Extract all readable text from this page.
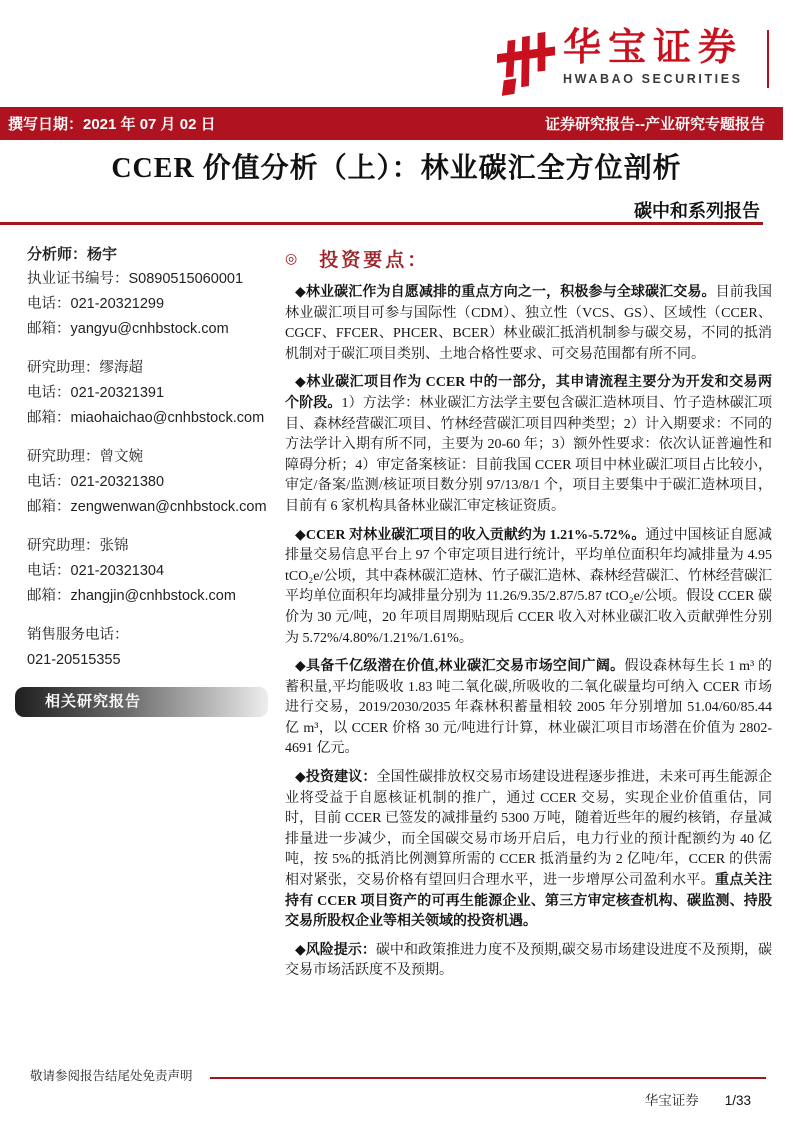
华宝证券
HWABAO SECURITIES
撰写日期：2021 年 07 月 02 日	证券研究报告--产业研究专题报告
CCER 价值分析（上）：林业碳汇全方位剖析
碳中和系列报告
分析师：杨宇
执业证书编号：S0890515060001
电话：021-20321299
邮箱：yangyu@cnhbstock.com
研究助理：缪海超
电话：021-20321391
邮箱：miaohaichao@cnhbstock.com
研究助理：曾文婉
电话：021-20321380
邮箱：zengwenwan@cnhbstock.com
研究助理：张锦
电话：021-20321304
邮箱：zhangjin@cnhbstock.com
销售服务电话：
021-20515355
相关研究报告
◎ 投资要点：

◆林业碳汇作为自愿减排的重点方向之一，积极参与全球碳汇交易。目前我国林业碳汇项目可参与国际性（CDM）、独立性（VCS、GS）、区域性（CCER、CGCF、FFCER、PHCER、BCER）林业碳汇抵消机制参与碳交易，不同的抵消机制对于碳汇项目类别、土地合格性要求、可交易范围都有所不同。

◆林业碳汇项目作为 CCER 中的一部分，其申请流程主要分为开发和交易两个阶段。1）方法学：林业碳汇方法学主要包含碳汇造林项目、竹子造林碳汇项目、森林经营碳汇项目、竹林经营碳汇项目四种类型；2）计入期要求：不同的方法学计入期有所不同，主要为 20-60 年；3）额外性要求：依次认证普遍性和障碍分析；4）审定备案核证：目前我国 CCER 项目中林业碳汇项目占比较小，审定/备案/监测/核证项目数分别 97/13/8/1 个，项目主要集中于碳汇造林项目，目前有 6 家机构具备林业碳汇审定核证资质。

◆CCER 对林业碳汇项目的收入贡献约为 1.21%-5.72%。通过中国核证自愿减排量交易信息平台上 97 个审定项目进行统计，平均单位面积年均减排量为 4.95 tCO₂e/公顷，其中森林碳汇造林、竹子碳汇造林、森林经营碳汇、竹林经营碳汇平均单位面积年均减排量分别为 11.26/9.35/2.87/5.87 tCO₂e/公顷。假设 CCER 碳价为 30 元/吨，20 年项目周期贴现后 CCER 收入对林业碳汇收入贡献弹性分别为 5.72%/4.80%/1.21%/1.61%。

◆具备千亿级潜在价值,林业碳汇交易市场空间广阔。假设森林每生长 1 m³ 的蓄积量,平均能吸收 1.83 吨二氧化碳,所吸收的二氧化碳量均可纳入 CCER 市场进行交易，2019/2030/2035 年森林积蓄量相较 2005 年分别增加 51.04/60/85.44 亿 m³，以 CCER 价格 30 元/吨进行计算，林业碳汇项目市场潜在价值为 2802-4691 亿元。

◆投资建议：全国性碳排放权交易市场建设进程逐步推进，未来可再生能源企业将受益于自愿核证机制的推广，通过 CCER 交易，实现企业价值重估，同时，目前 CCER 已签发的减排量约 5300 万吨，随着近些年的履约核销，存量减排量进一步减少，而全国碳交易市场开启后，电力行业的预计配额约为 40 亿吨，按 5%的抵消比例测算所需的 CCER 抵消量约为 2 亿吨/年，CCER 的供需相对紧张，交易价格有望回归合理水平，进一步增厚公司盈利水平。重点关注持有 CCER 项目资产的可再生能源企业、第三方审定核查机构、碳监测、持股交易所股权企业等相关领域的投资机遇。

◆风险提示：碳中和政策推进力度不及预期,碳交易市场建设进度不及预期，碳交易市场活跃度不及预期。

敬请参阅报告结尾处免责声明
华宝证券 1/33
